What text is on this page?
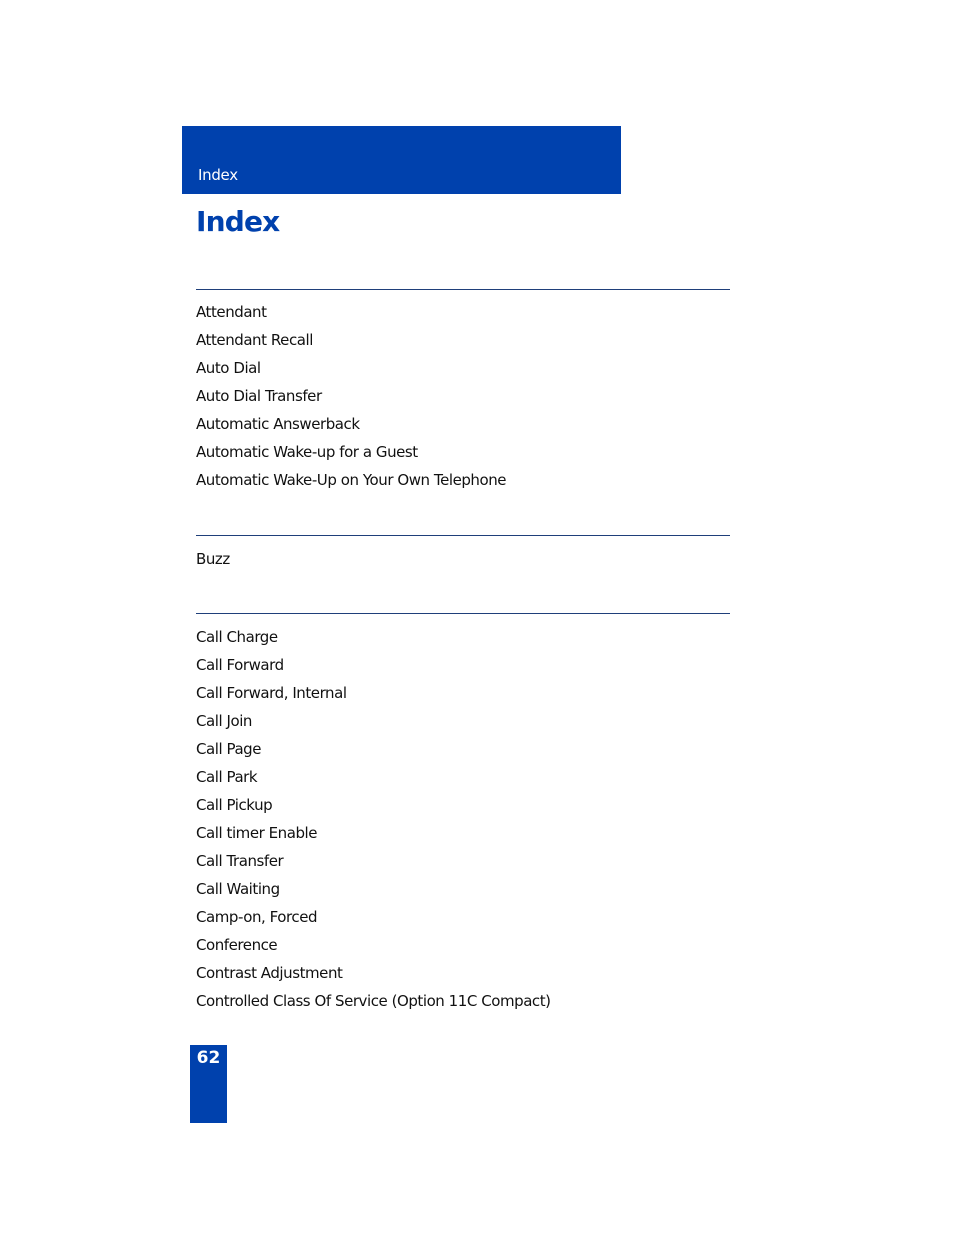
Index
Index
Attendant
Attendant Recall
Auto Dial
Auto Dial Transfer
Automatic Answerback
Automatic Wake-up for a Guest
Automatic Wake-Up on Your Own Telephone
Buzz
Call Charge
Call Forward
Call Forward, Internal
Call Join
Call Page
Call Park
Call Pickup
Call timer Enable
Call Transfer
Call Waiting
Camp-on, Forced
Conference
Contrast Adjustment
Controlled Class Of Service (Option 11C Compact)
62
